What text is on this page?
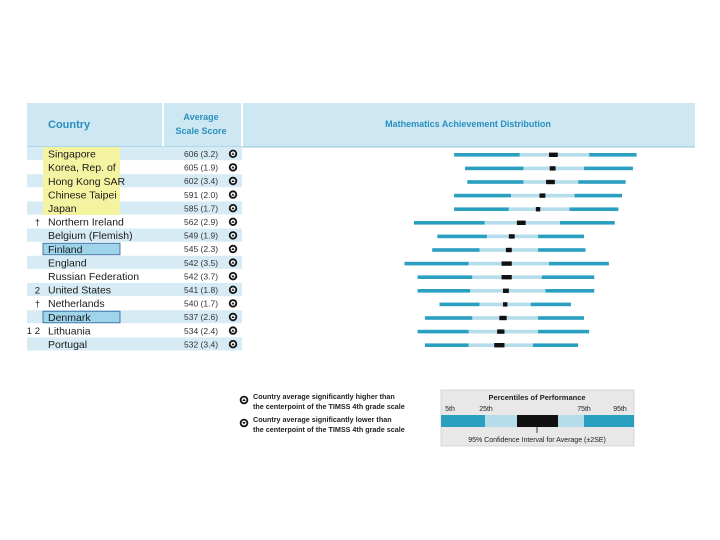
Country
Average
Scale Score
Mathematics Achievement Distribution
Singapore	606 (3.2)
Korea, Rep. of	605 (1.9)
Hong Kong SAR	602 (3.4)
Chinese Taipei	591 (2.0)
Japan	585 (1.7)
† Northern Ireland	562 (2.9)
Belgium (Flemish)	549 (1.9)
Finland	545 (2.3)
England	542 (3.5)
Russian Federation	542 (3.7)
2 United States	541 (1.8)
† Netherlands	540 (1.7)
Denmark	537 (2.6)
1 2 Lithuania	534 (2.4)
Portugal	532 (3.4)
Country average significantly higher than
the centerpoint of the TIMSS 4th grade scale
Country average significantly lower than
the centerpoint of the TIMSS 4th grade scale
Percentiles of Performance
5th	25th	75th	95th
95% Confidence Interval for Average (±2SE)
